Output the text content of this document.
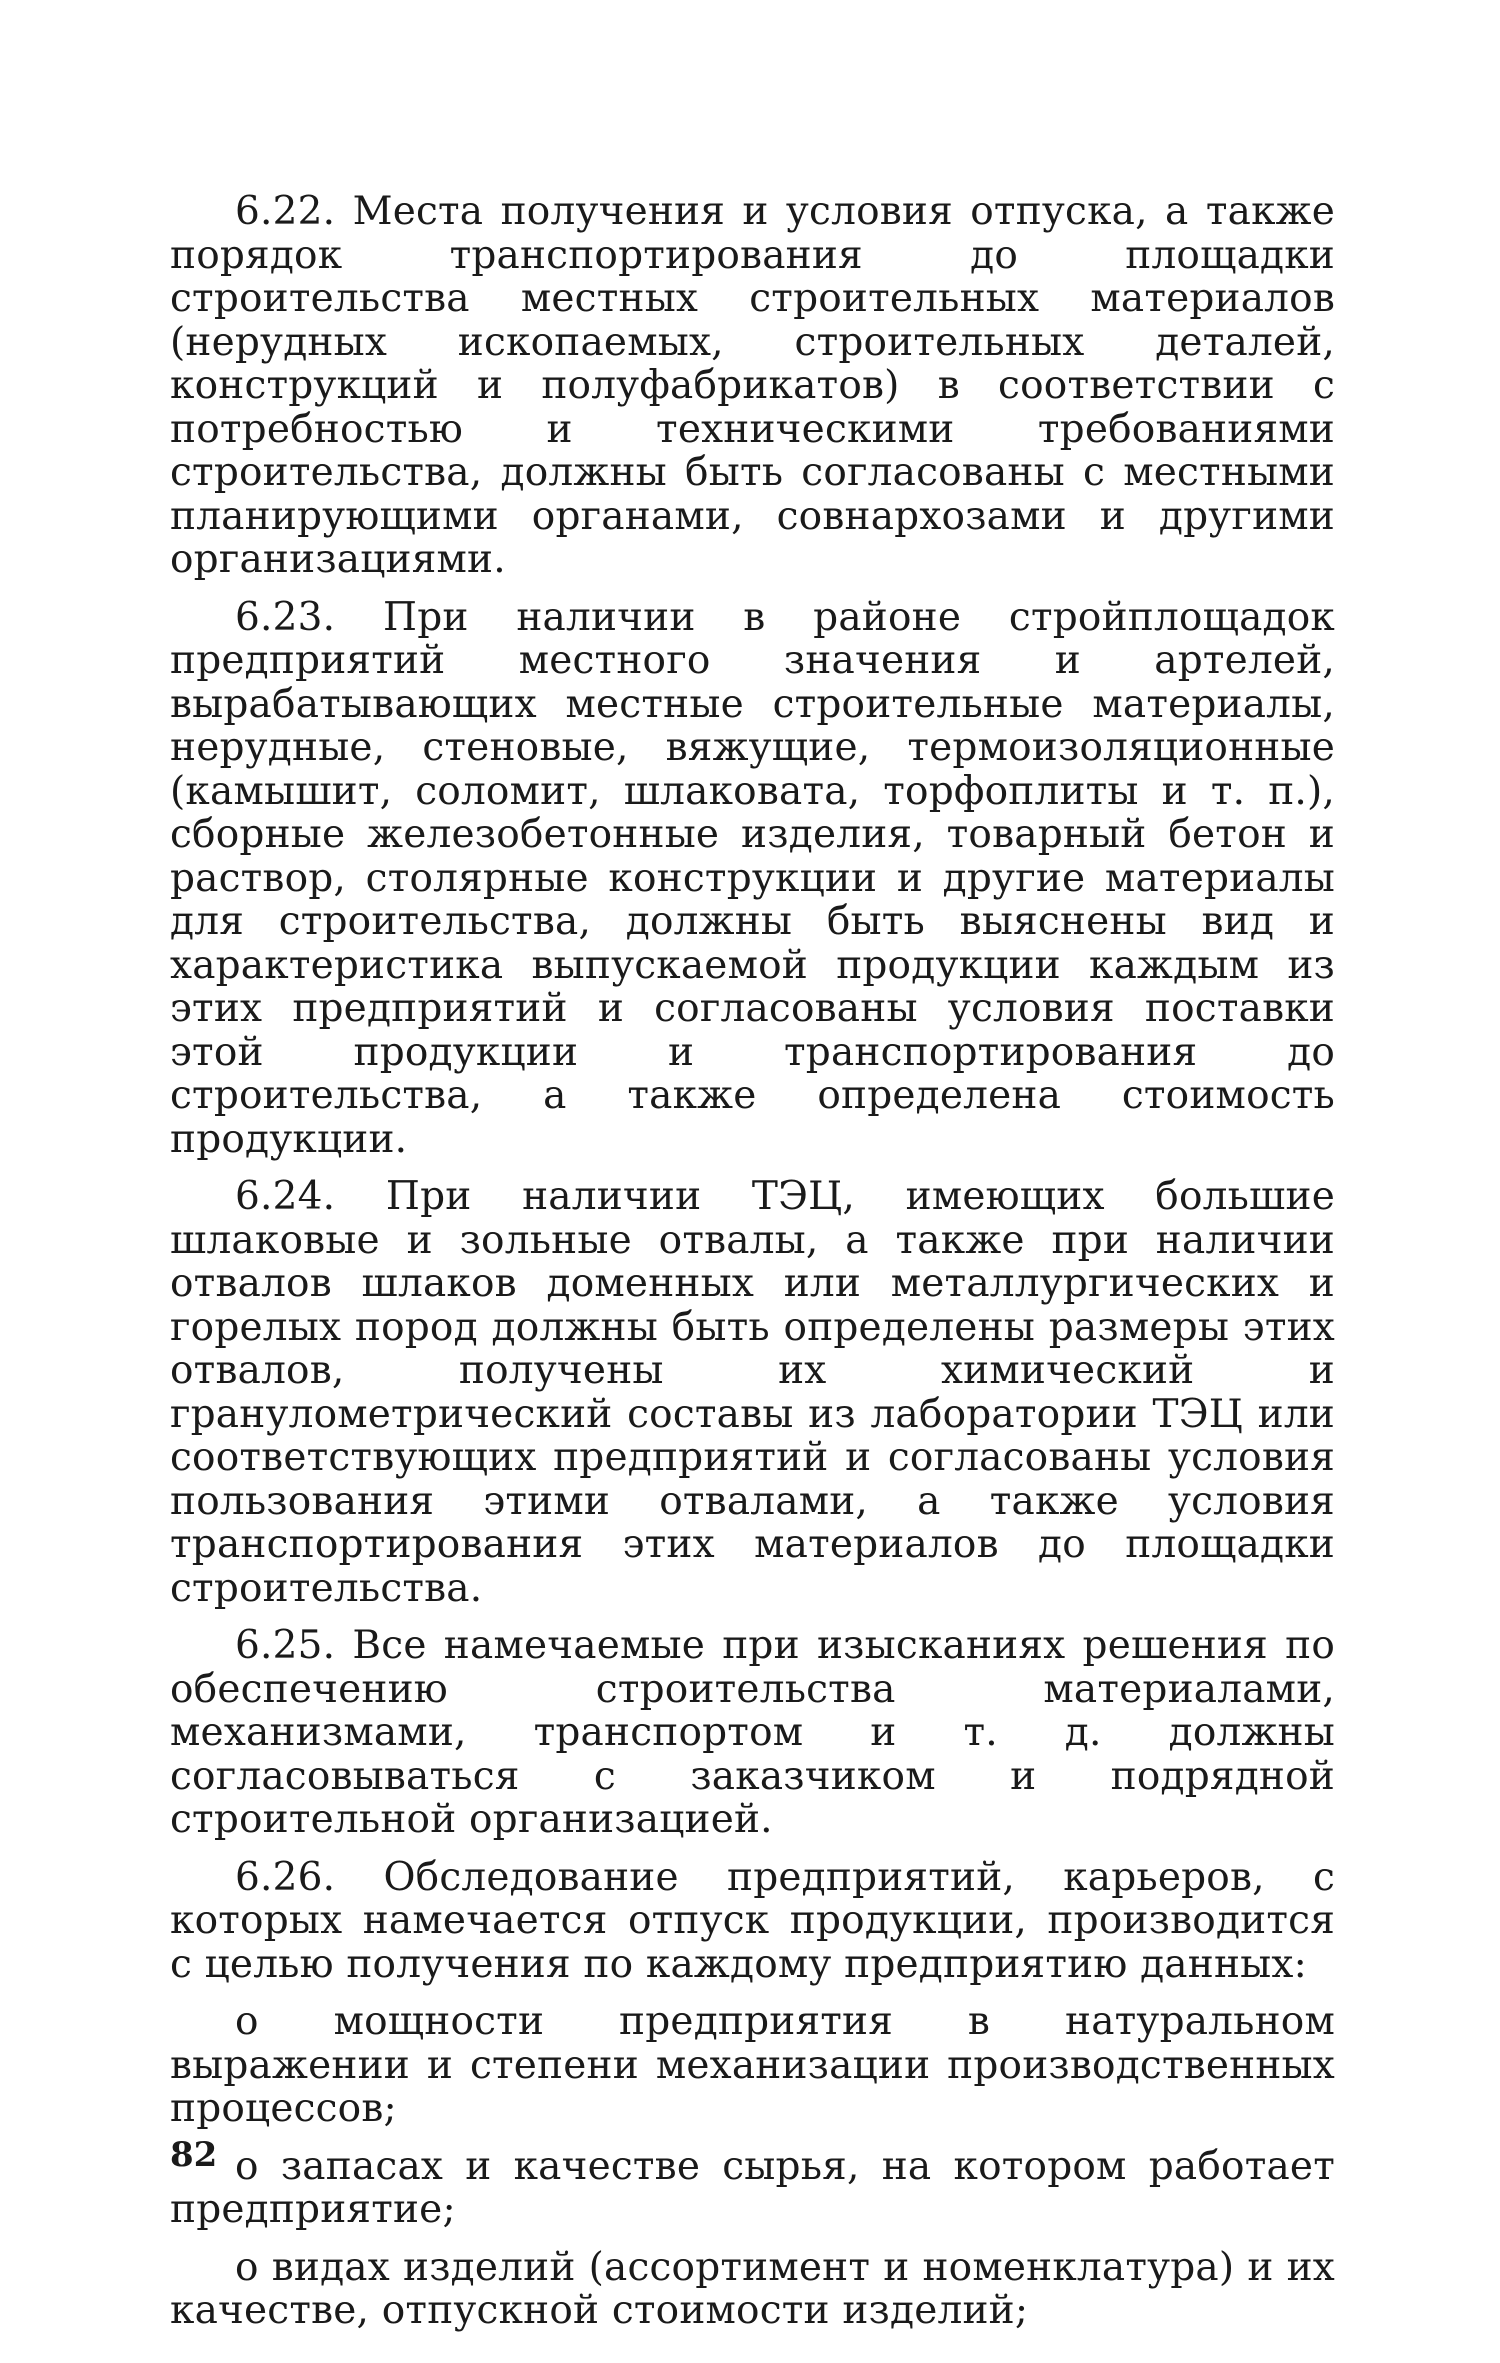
6.22. Места получения и условия отпуска, а также порядок транспортирования до площадки строительства местных строительных материалов (нерудных ископаемых, строительных деталей, конструкций и полуфабрикатов) в соответствии с потребностью и техническими требованиями строительства, должны быть согласованы с местными планирующими органами, совнархозами и другими организациями.

6.23. При наличии в районе стройплощадок предприятий местного значения и артелей, вырабатывающих местные строительные материалы, нерудные, стеновые, вяжущие, термоизоляционные (камышит, соломит, шлаковата, торфоплиты и т. п.), сборные железобетонные изделия, товарный бетон и раствор, столярные конструкции и другие материалы для строительства, должны быть выяснены вид и характеристика выпускаемой продукции каждым из этих предприятий и согласованы условия поставки этой продукции и транспортирования до строительства, а также определена стоимость продукции.

6.24. При наличии ТЭЦ, имеющих большие шлаковые и зольные отвалы, а также при наличии отвалов шлаков доменных или металлургических и горелых пород должны быть определены размеры этих отвалов, получены их химический и гранулометрический составы из лаборатории ТЭЦ или соответствующих предприятий и согласованы условия пользования этими отвалами, а также условия транспортирования этих материалов до площадки строительства.

6.25. Все намечаемые при изысканиях решения по обеспечению строительства материалами, механизмами, транспортом и т. д. должны согласовываться с заказчиком и подрядной строительной организацией.

6.26. Обследование предприятий, карьеров, с которых намечается отпуск продукции, производится с целью получения по каждому предприятию данных:

о мощности предприятия в натуральном выражении и степени механизации производственных процессов;

о запасах и качестве сырья, на котором работает предприятие;

о видах изделий (ассортимент и номенклатура) и их качестве, отпускной стоимости изделий;

82
